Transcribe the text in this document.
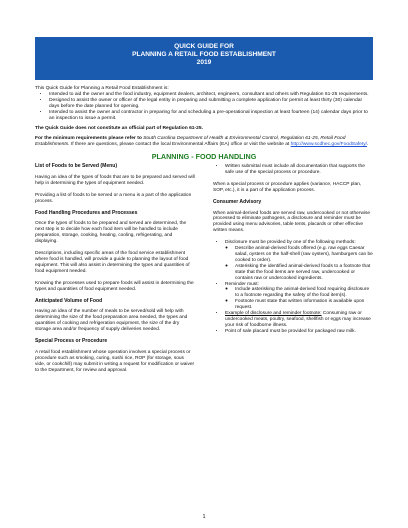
QUICK GUIDE FOR
PLANNING A RETAIL FOOD ESTABLISHMENT
2019
This Quick Guide for Planning a Retail Food Establishment is:
• Intended to aid the owner and the food industry, equipment dealers, architect, engineers, consultant and others with Regulation 61-25 requirements.
• Designed to assist the owner or officer of the legal entity in preparing and submitting a complete application for permit at least thirty (30) calendar days before the date planned for opening.
• Intended to assist the owner and contractor in preparing for and scheduling a pre-operational inspection at least fourteen (14) calendar days prior to an inspection to issue a permit.
The Quick Guide does not constitute an official part of Regulation 61-25.
For the minimum requirements please refer to South Carolina Department of Health & Environmental Control, Regulation 61-25, Retail Food Establishments. If there are questions, please contact the local Environmental Affairs (EA) office or visit the website at http://www.scdhec.gov/FoodSafety/.
PLANNING - FOOD HANDLING
List of Foods to be Served (Menu)

Having an idea of the types of foods that are to be prepared and served will help in determining the types of equipment needed.

Providing a list of foods to be served or a menu is a part of the application process.

Food Handling Procedures and Processes

Once the types of foods to be prepared and served are determined, the next step is to decide how each food item will be handled to include preparation, storage, cooking, heating, cooling, refrigerating, and displaying.

Descriptions, including specific areas of the food service establishment where food is handled, will provide a guide to planning the layout of food equipment. This will also assist in determining the types and quantities of food equipment needed.

Knowing the processes used to prepare foods will assist in determining the types and quantities of food equipment needed.

Anticipated Volume of Food

Having an idea of the number of meals to be served/sold will help with determining the size of the food preparation area needed, the types and quantities of cooking and refrigeration equipment, the size of the dry storage area and/or frequency of supply deliveries needed.

Special Process or Procedure

A retail food establishment whose operation involves a special process or procedure such as smoking, curing, sushi rice, ROP (for storage, sous vide, or cookchill) may submit in writing a request for modification or waiver to the Department, for review and approval.

• Written submittal must include all documentation that supports the safe use of the special process or procedure.

When a special process or procedure applies (variance, HACCP plan, SOP, etc.), it is a part of the application process.

Consumer Advisory

When animal-derived foods are served raw, undercooked or not otherwise processed to eliminate pathogens, a disclosure and reminder must be provided using menu advisories, table tents, placards or other effective written means.

• Disclosure must be provided by one of the following methods:
◦ Describe animal-derived foods offered (e.g. raw eggs Caesar salad, oysters on the half-shell (raw oysters), hamburgers can be cooked to order).
◦ Asterisking the identified animal-derived foods to a footnote that state that the food items are served raw, undercooked or contains raw or undercooked ingredients.
• Reminder must:
◦ Include asterisking the animal-derived food requiring disclosure to a footnote regarding the safety of the food item(s).
◦ Footnote must state that written information is available upon request.
• Example of disclosure and reminder footnote: Consuming raw or undercooked meats, poultry, seafood, shellfish or eggs may increase your risk of foodborne illness.
• Point of sale placard must be provided for packaged raw milk.
1
